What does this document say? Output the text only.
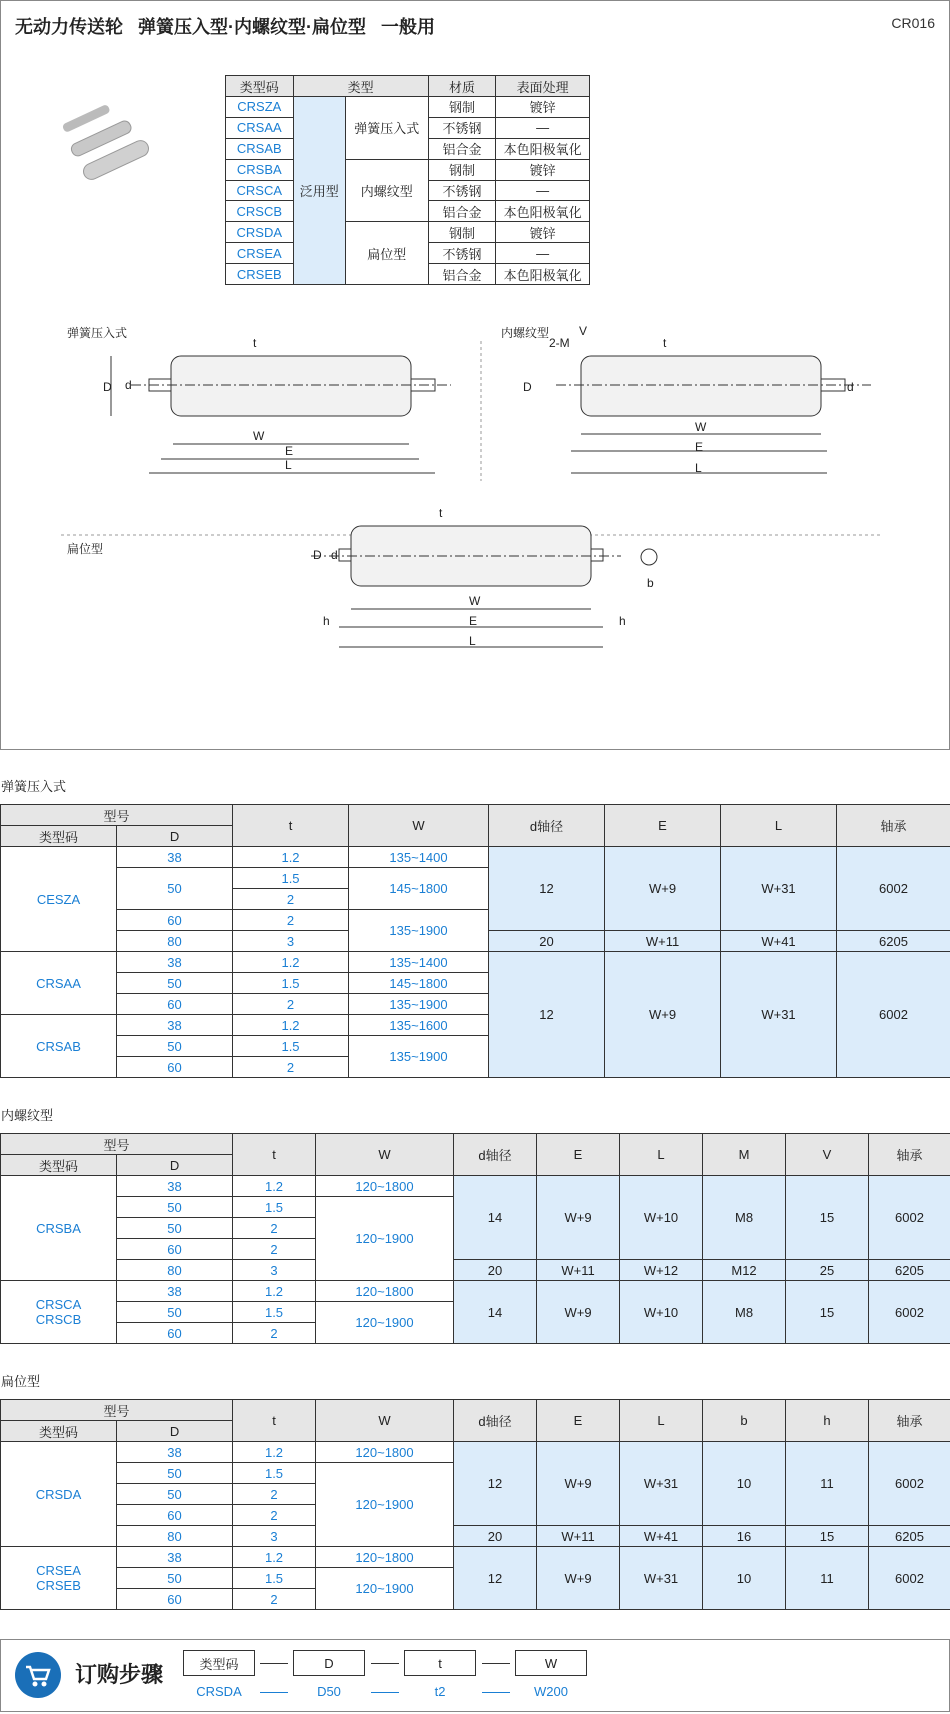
无动力传送轮   弹簧压入型·内螺纹型·扁位型   一般用	CR016
类型码	类型		材质	表面处理
CRSZA	泛用型	弹簧压入式	钢制	镀锌
CRSAA			不锈钢	—
CRSAB			铝合金	本色阳极氧化
CRSBA		内螺纹型	钢制	镀锌
CRSCA			不锈钢	—
CRSCB			铝合金	本色阳极氧化
CRSDA		扁位型	钢制	镀锌
CRSEA			不锈钢	—
CRSEB			铝合金	本色阳极氧化
弹簧压入式	内螺纹型
扁位型
D d
W
E
L
t
D	d
W
E
L
2-M
V
t
D d
W
E
L
b
h	h
t
弹簧压入式
型号		t	W	d轴径	E	L	轴承
类型码	D						
CESZA	38	1.2	135~1400	12	W+9	W+31	6002
	50	1.5	145~1800				
		2					
	60	2	135~1900				
	80	3		20	W+11	W+41	6205
CRSAA	38	1.2	135~1400	12	W+9	W+31	6002
	50	1.5	145~1800				
	60	2	135~1900				
CRSAB	38	1.2	135~1600				
	50	1.5	135~1900				
	60	2					
内螺纹型
型号		t	W	d轴径	E	L	M	V	轴承
类型码	D								
CRSBA	38	1.2	120~1800	14	W+9	W+10	M8	15	6002
	50	1.5	120~1900						
	50	2							
	60	2							
	80	3		20	W+11	W+12	M12	25	6205
CRSCA
CRSCB	38	1.2	120~1800	14	W+9	W+10	M8	15	6002
	50	1.5	120~1900						
	60	2							
扁位型
型号		t	W	d轴径	E	L	b	h	轴承
类型码	D								
CRSDA	38	1.2	120~1800	12	W+9	W+31	10	11	6002
	50	1.5	120~1900						
	50	2							
	60	2							
	80	3		20	W+11	W+41	16	15	6205
CRSEA
CRSEB	38	1.2	120~1800	12	W+9	W+31	10	11	6002
	50	1.5	120~1900						
	60	2							
订购步骤	类型码	D	t	W
CRSDA	D50	t2	W200
